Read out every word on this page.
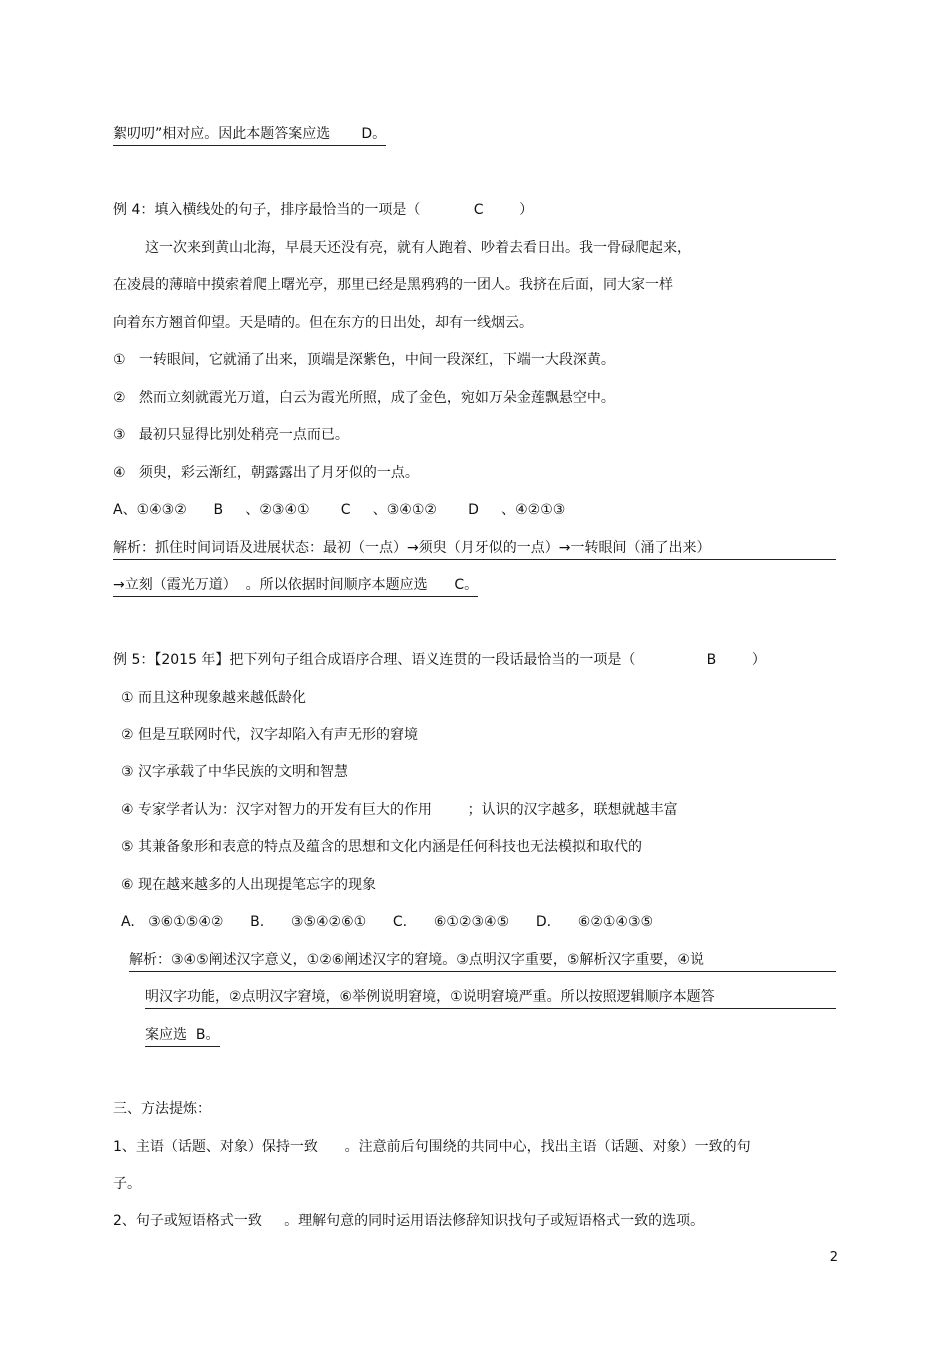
絮叨叨”相对应。因此本题答案应选       D。
例 4：填入横线处的句子，排序最恰当的一项是（            C        ）
这一次来到黄山北海，早晨天还没有亮，就有人跑着、吵着去看日出。我一骨碌爬起来，
在凌晨的薄暗中摸索着爬上曙光亭，那里已经是黑鸦鸦的一团人。我挤在后面，同大家一样
向着东方翘首仰望。天是晴的。但在东方的日出处，却有一线烟云。
①   一转眼间，它就涌了出来，顶端是深紫色，中间一段深红，下端一大段深黄。
②   然而立刻就霞光万道，白云为霞光所照，成了金色，宛如万朵金莲飘悬空中。
③   最初只显得比别处稍亮一点而已。
④   须臾，彩云渐红，朝露露出了月牙似的一点。
A、①④③②      B     、②③④①       C     、③④①②       D     、④②①③
解析：抓住时间词语及进展状态：最初（一点）→须臾（月牙似的一点）→一转眼间（涌了出来）
→立刻（霞光万道）  。所以依据时间顺序本题应选      C。
例 5：【2015 年】把下列句子组合成语序合理、语义连贯的一段话最恰当的一项是（                B        ）
① 而且这种现象越来越低龄化
② 但是互联网时代，汉字却陷入有声无形的窘境
③ 汉字承载了中华民族的文明和智慧
④ 专家学者认为：汉字对智力的开发有巨大的作用        ；认识的汉字越多，联想就越丰富
⑤ 其兼备象形和表意的特点及蕴含的思想和文化内涵是任何科技也无法模拟和取代的
⑥ 现在越来越多的人出现提笔忘字的现象
A.   ③⑥①⑤④②      B.      ③⑤④②⑥①      C.      ⑥①②③④⑤      D.      ⑥②①④③⑤
解析：③④⑤阐述汉字意义，①②⑥阐述汉字的窘境。③点明汉字重要，⑤解析汉字重要，④说
明汉字功能，②点明汉字窘境，⑥举例说明窘境，①说明窘境严重。所以按照逻辑顺序本题答
案应选  B。
三、方法提炼：
1、主语（话题、对象）保持一致      。注意前后句围绕的共同中心，找出主语（话题、对象）一致的句
子。
2、句子或短语格式一致     。理解句意的同时运用语法修辞知识找句子或短语格式一致的选项。
2
